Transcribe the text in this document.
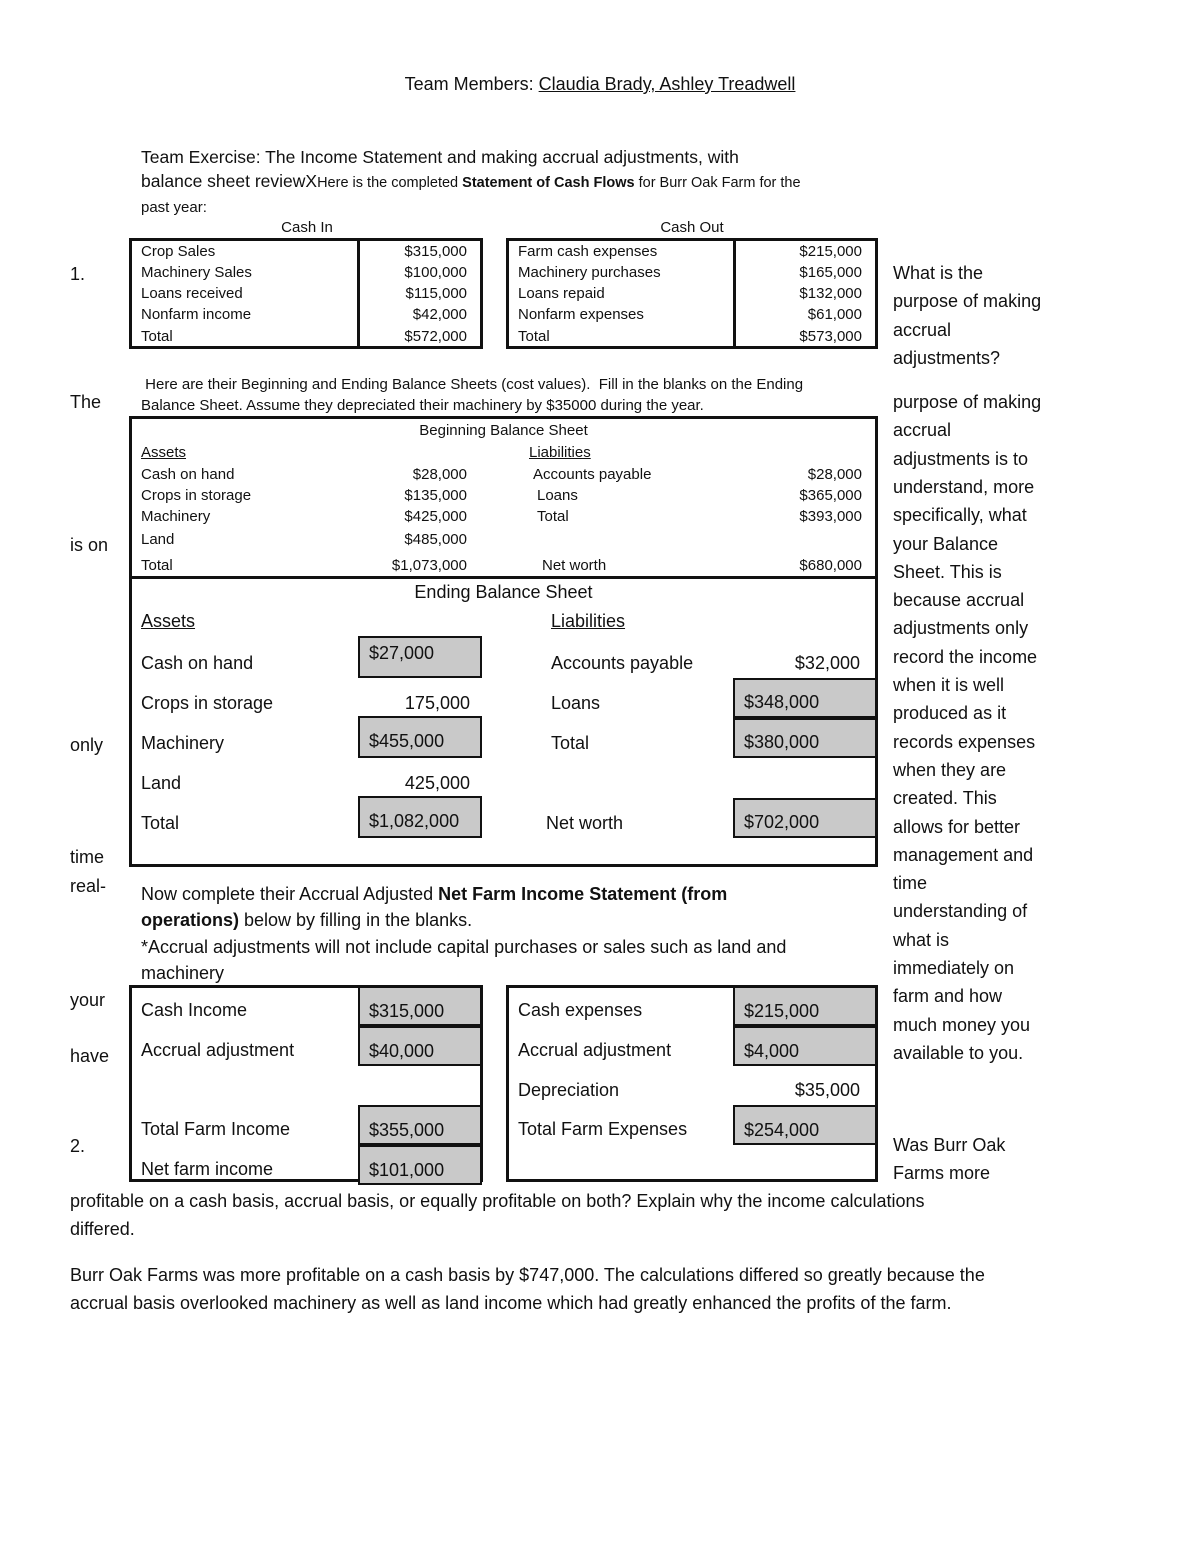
Team Members: Claudia Brady, Ashley Treadwell
Team Exercise: The Income Statement and making accrual adjustments, with
balance sheet reviewXHere is the completed Statement of Cash Flows for Burr Oak Farm for the
past year:
Cash In
Crop Sales	$315,000
Machinery Sales	$100,000
Loans received	$115,000
Nonfarm income	$42,000
Total	$572,000
Cash Out
Farm cash expenses	$215,000
Machinery purchases	$165,000
Loans repaid	$132,000
Nonfarm expenses	$61,000
Total	$573,000
1.
The
is on
only
time
real-
your
have
2.
What is the
purpose of making
accrual
adjustments?
purpose of making
accrual
adjustments is to
understand, more
specifically, what
your Balance
Sheet. This is
because accrual
adjustments only
record the income
when it is well
produced as it
records expenses
when they are
created. This
allows for better
management and
time
understanding of
what is
immediately on
farm and how
much money you
available to you.
Was Burr Oak
Farms more
Here are their Beginning and Ending Balance Sheets (cost values).  Fill in the blanks on the Ending
Balance Sheet. Assume they depreciated their machinery by $35000 during the year.
Beginning Balance Sheet
Assets	Liabilities
Cash on hand	$28,000
Crops in storage	$135,000
Machinery	$425,000
Land	$485,000
Total	$1,073,000
Accounts payable	$28,000
Loans	$365,000
Total	$393,000
Net worth	$680,000
Ending Balance Sheet
Assets	Liabilities
Cash on hand	$27,000
Crops in storage	175,000
Machinery	$455,000
Land	425,000
Total	$1,082,000
Accounts payable	$32,000
Loans	$348,000
Total	$380,000
Net worth	$702,000
Now complete their Accrual Adjusted Net Farm Income Statement (from
operations) below by filling in the blanks.
*Accrual adjustments will not include capital purchases or sales such as land and
machinery
Cash Income	$315,000
Accrual adjustment	$40,000
Total Farm Income	$355,000
Net farm income	$101,000
Cash expenses	$215,000
Accrual adjustment	$4,000
Depreciation	$35,000
Total Farm Expenses	$254,000
profitable on a cash basis, accrual basis, or equally profitable on both? Explain why the income calculations
differed.
Burr Oak Farms was more profitable on a cash basis by $747,000. The calculations differed so greatly because the
accrual basis overlooked machinery as well as land income which had greatly enhanced the profits of the farm.
